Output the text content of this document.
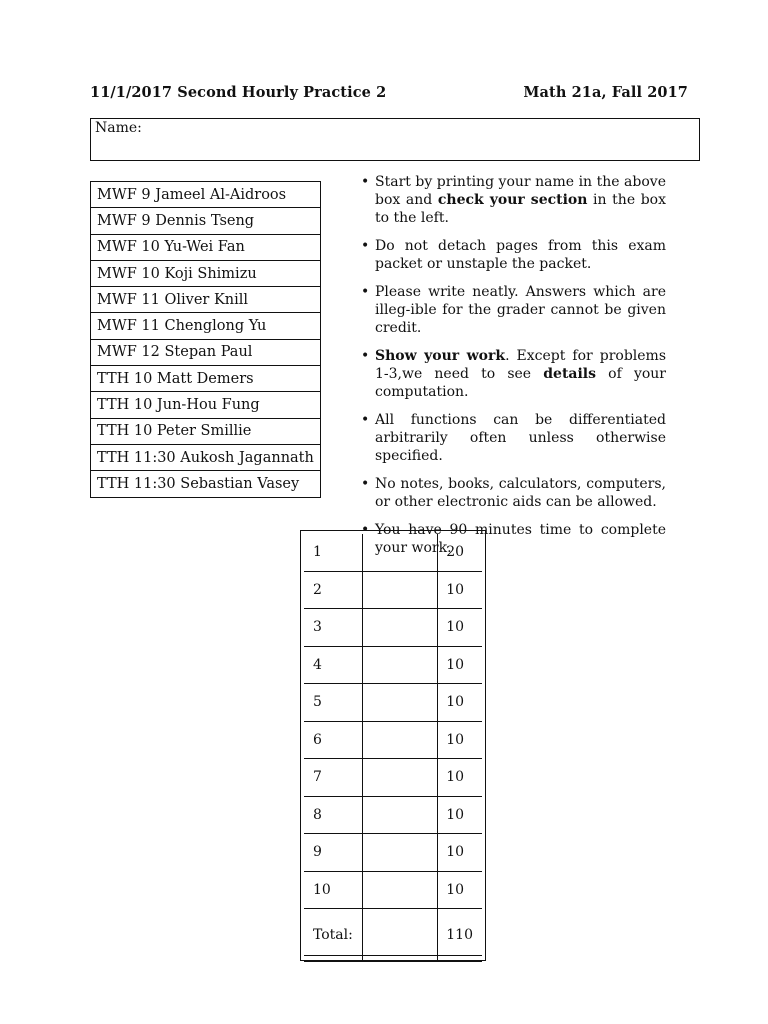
11/1/2017 Second Hourly Practice 2	Math 21a, Fall 2017
Name:
MWF 9 Jameel Al-Aidroos
MWF 9 Dennis Tseng
MWF 10 Yu-Wei Fan
MWF 10 Koji Shimizu
MWF 11 Oliver Knill
MWF 11 Chenglong Yu
MWF 12 Stepan Paul
TTH 10 Matt Demers
TTH 10 Jun-Hou Fung
TTH 10 Peter Smillie
TTH 11:30 Aukosh Jagannath
TTH 11:30 Sebastian Vasey
• Start by printing your name in the above box and check your section in the box to the left.
• Do not detach pages from this exam packet or unstaple the packet.
• Please write neatly. Answers which are illeg-ible for the grader cannot be given credit.
• Show your work. Except for problems 1-3,we need to see details of your computation.
• All functions can be differentiated arbitrarily often unless otherwise specified.
• No notes, books, calculators, computers, or other electronic aids can be allowed.
• You have 90 minutes time to complete your work.
1		20
2		10
3		10
4		10
5		10
6		10
7		10
8		10
9		10
10		10
Total:		110
